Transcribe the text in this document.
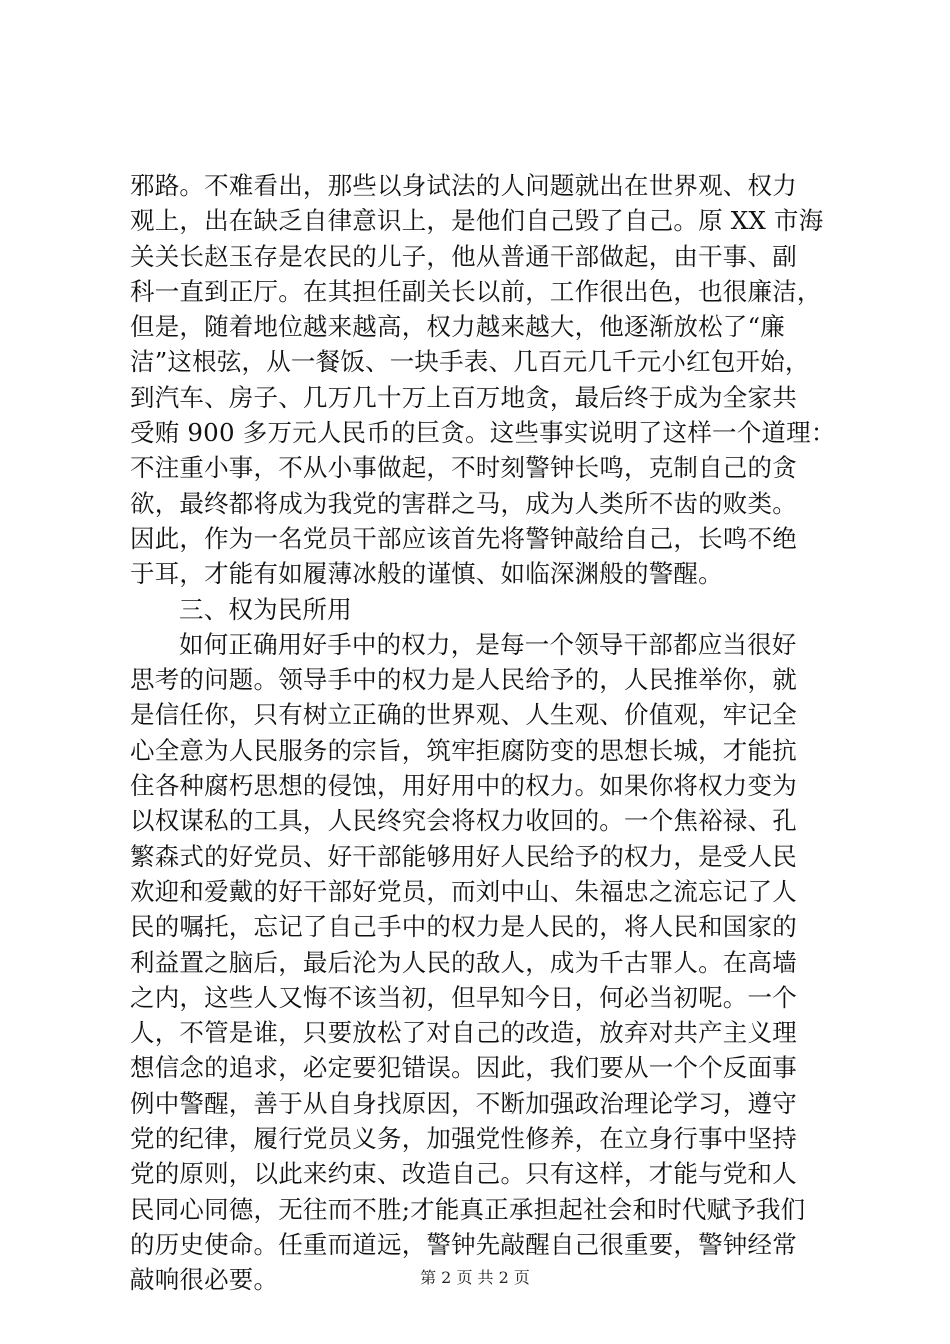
邪路。不难看出，那些以身试法的人问题就出在世界观、权力
观上，出在缺乏自律意识上，是他们自己毁了自己。原 XX 市海
关关长赵玉存是农民的儿子，他从普通干部做起，由干事、副
科一直到正厅。在其担任副关长以前，工作很出色，也很廉洁，
但是，随着地位越来越高，权力越来越大，他逐渐放松了“廉
洁”这根弦，从一餐饭、一块手表、几百元几千元小红包开始，
到汽车、房子、几万几十万上百万地贪，最后终于成为全家共
受贿 900 多万元人民币的巨贪。这些事实说明了这样一个道理：
不注重小事，不从小事做起，不时刻警钟长鸣，克制自己的贪
欲，最终都将成为我党的害群之马，成为人类所不齿的败类。
因此，作为一名党员干部应该首先将警钟敲给自己，长鸣不绝
于耳，才能有如履薄冰般的谨慎、如临深渊般的警醒。
三、权为民所用
如何正确用好手中的权力，是每一个领导干部都应当很好
思考的问题。领导手中的权力是人民给予的，人民推举你，就
是信任你，只有树立正确的世界观、人生观、价值观，牢记全
心全意为人民服务的宗旨，筑牢拒腐防变的思想长城，才能抗
住各种腐朽思想的侵蚀，用好用中的权力。如果你将权力变为
以权谋私的工具，人民终究会将权力收回的。一个焦裕禄、孔
繁森式的好党员、好干部能够用好人民给予的权力，是受人民
欢迎和爱戴的好干部好党员，而刘中山、朱福忠之流忘记了人
民的嘱托，忘记了自己手中的权力是人民的，将人民和国家的
利益置之脑后，最后沦为人民的敌人，成为千古罪人。在高墙
之内，这些人又悔不该当初，但早知今日，何必当初呢。一个
人，不管是谁，只要放松了对自己的改造，放弃对共产主义理
想信念的追求，必定要犯错误。因此，我们要从一个个反面事
例中警醒，善于从自身找原因，不断加强政治理论学习，遵守
党的纪律，履行党员义务，加强党性修养，在立身行事中坚持
党的原则，以此来约束、改造自己。只有这样，才能与党和人
民同心同德，无往而不胜;才能真正承担起社会和时代赋予我们
的历史使命。任重而道远，警钟先敲醒自己很重要，警钟经常
敲响很必要。	第 2 页 共 2 页
